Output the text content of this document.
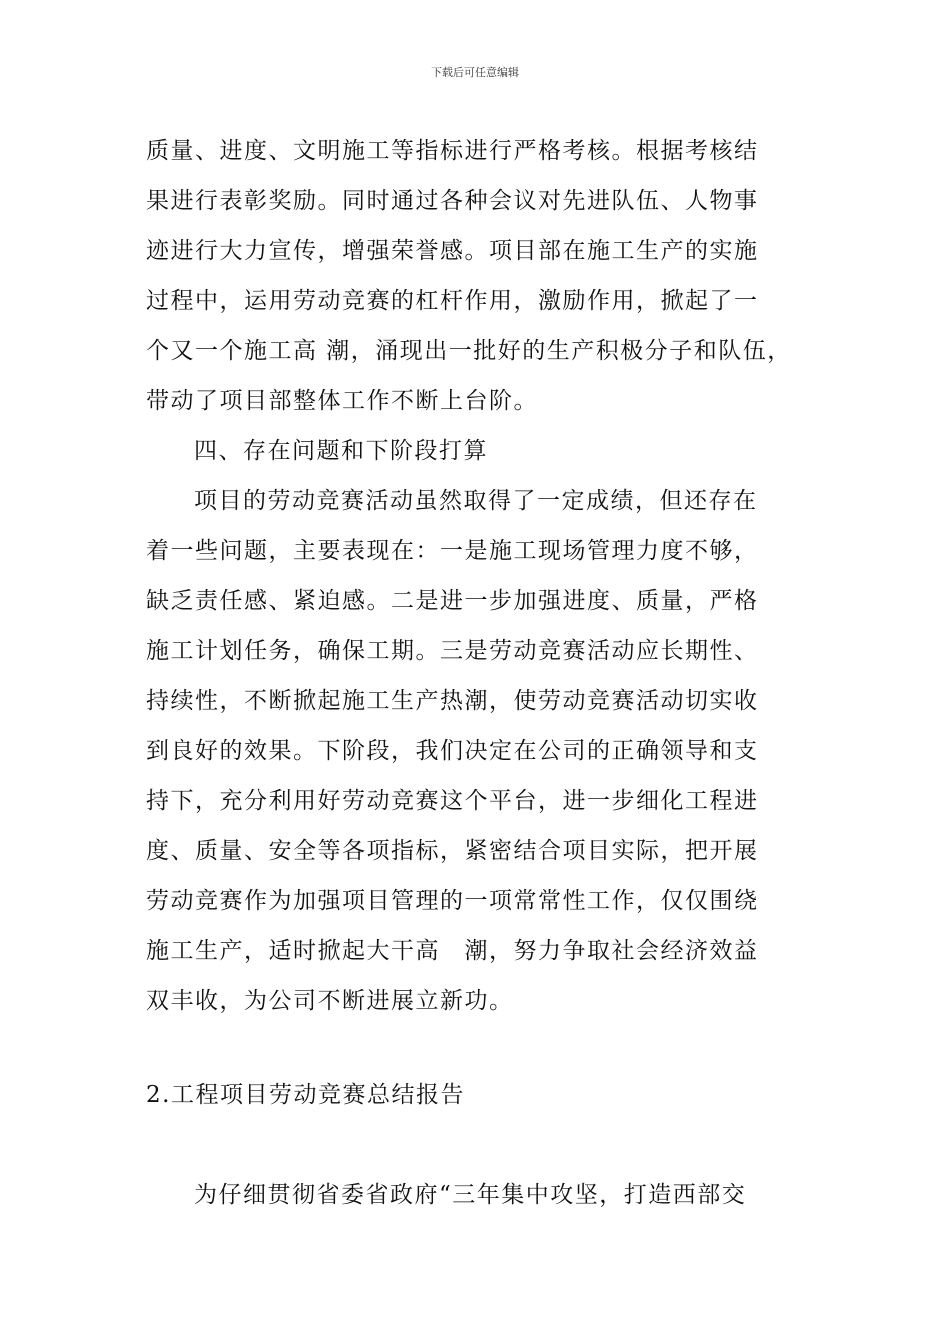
下载后可任意编辑
质量、进度、文明施工等指标进行严格考核。根据考核结
果进行表彰奖励。同时通过各种会议对先进队伍、人物事
迹进行大力宣传，增强荣誉感。项目部在施工生产的实施
过程中，运用劳动竞赛的杠杆作用，激励作用，掀起了一
个又一个施工高 潮，涌现出一批好的生产积极分子和队伍，
带动了项目部整体工作不断上台阶。
四、存在问题和下阶段打算
项目的劳动竞赛活动虽然取得了一定成绩，但还存在
着一些问题，主要表现在：一是施工现场管理力度不够，
缺乏责任感、紧迫感。二是进一步加强进度、质量，严格
施工计划任务，确保工期。三是劳动竞赛活动应长期性、
持续性，不断掀起施工生产热潮，使劳动竞赛活动切实收
到良好的效果。下阶段，我们决定在公司的正确领导和支
持下，充分利用好劳动竞赛这个平台，进一步细化工程进
度、质量、安全等各项指标，紧密结合项目实际，把开展
劳动竞赛作为加强项目管理的一项常常性工作，仅仅围绕
施工生产，适时掀起大干高　潮，努力争取社会经济效益
双丰收，为公司不断进展立新功。
2.工程项目劳动竞赛总结报告
为仔细贯彻省委省政府“三年集中攻坚，打造西部交
